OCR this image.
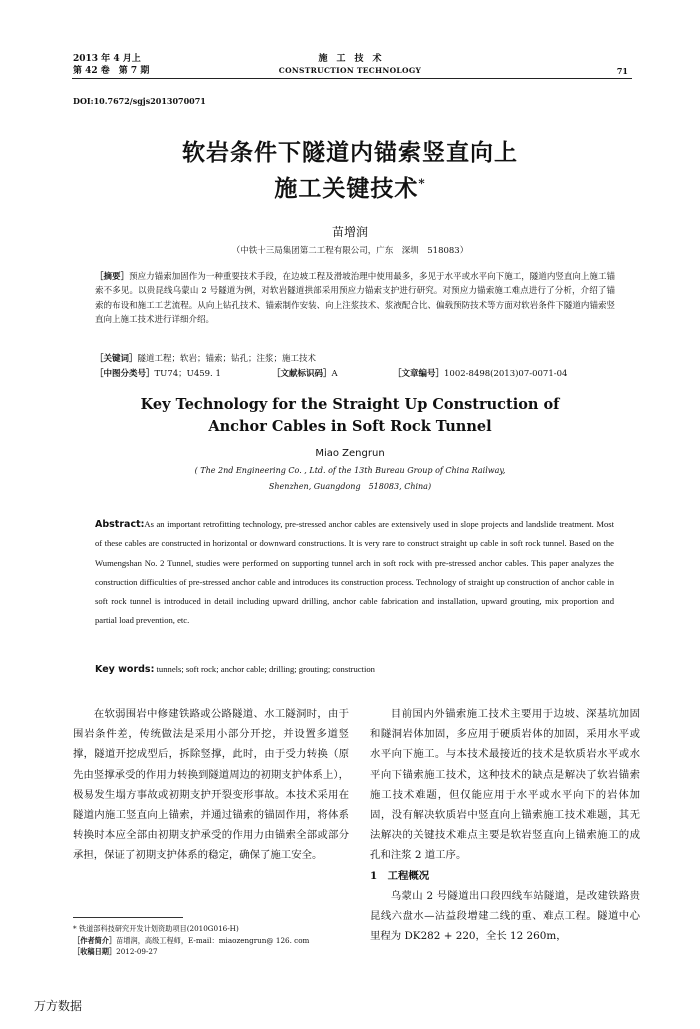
2013 年 4 月上
第 42 卷　第 7 期
施　工　技　术
CONSTRUCTION TECHNOLOGY	71
DOI:10.7672/sgjs2013070071
软岩条件下隧道内锚索竖直向上
施工关键技术*
苗增润
（中铁十三局集团第二工程有限公司，广东　深圳　518083）
［摘要］预应力锚索加固作为一种重要技术手段，在边坡工程及滑坡治理中使用最多，多见于水平或水平向下施工，隧道内竖直向上施工锚索不多见。以贵昆线乌蒙山 2 号隧道为例，对软岩隧道拱部采用预应力锚索支护进行研究。对预应力锚索施工难点进行了分析，介绍了锚索的布设和施工工艺流程。从向上钻孔技术、锚索制作安装、向上注浆技术、浆液配合比、偏载预防技术等方面对软岩条件下隧道内锚索竖直向上施工技术进行详细介绍。
［关键词］隧道工程；软岩；锚索；钻孔；注浆；施工技术
［中图分类号］TU74；U459. 1	［文献标识码］A	［文章编号］1002-8498(2013)07-0071-04
Key Technology for the Straight Up Construction of
Anchor Cables in Soft Rock Tunnel
Miao Zengrun
( The 2nd Engineering Co. , Ltd. of the 13th Bureau Group of China Railway,
Shenzhen, Guangdong　518083, China)
Abstract:As an important retrofitting technology, pre-stressed anchor cables are extensively used in slope projects and landslide treatment. Most of these cables are constructed in horizontal or downward constructions. It is very rare to construct straight up cable in soft rock tunnel. Based on the Wumengshan No. 2 Tunnel, studies were performed on supporting tunnel arch in soft rock with pre-stressed anchor cables. This paper analyzes the construction difficulties of pre-stressed anchor cable and introduces its construction process. Technology of straight up construction of anchor cable in soft rock tunnel is introduced in detail including upward drilling, anchor cable fabrication and installation, upward grouting, mix proportion and partial load prevention, etc.
Key words: tunnels; soft rock; anchor cable; drilling; grouting; construction

在软弱围岩中修建铁路或公路隧道、水工隧洞时，由于围岩条件差，传统做法是采用小部分开挖，并设置多道竖撑，隧道开挖成型后，拆除竖撑，此时，由于受力转换（原先由竖撑承受的作用力转换到隧道周边的初期支护体系上），极易发生塌方事故或初期支护开裂变形事故。本技术采用在隧道内施工竖直向上锚索，并通过锚索的锚固作用，将体系转换时本应全部由初期支护承受的作用力由锚索全部或部分承担，保证了初期支护体系的稳定，确保了施工安全。

目前国内外锚索施工技术主要用于边坡、深基坑加固和隧洞岩体加固，多应用于硬质岩体的加固，采用水平或水平向下施工。与本技术最接近的技术是软质岩水平或水平向下锚索施工技术，这种技术的缺点是解决了软岩锚索施工技术难题，但仅能应用于水平或水平向下的岩体加固，没有解决软质岩中竖直向上锚索施工技术难题，其无法解决的关键技术难点主要是软岩竖直向上锚索施工的成孔和注浆 2 道工序。

1　工程概况

乌蒙山 2 号隧道出口段四线车站隧道，是改建铁路贵昆线六盘水—沾益段增建二线的重、难点工程。隧道中心里程为 DK282 + 220，全长 12 260m，

* 铁道部科技研究开发计划资助项目(2010G016-H)
［作者简介］苗增润，高级工程师，E-mail：miaozengrun@ 126. com
［收稿日期］2012-09-27
万方数据
